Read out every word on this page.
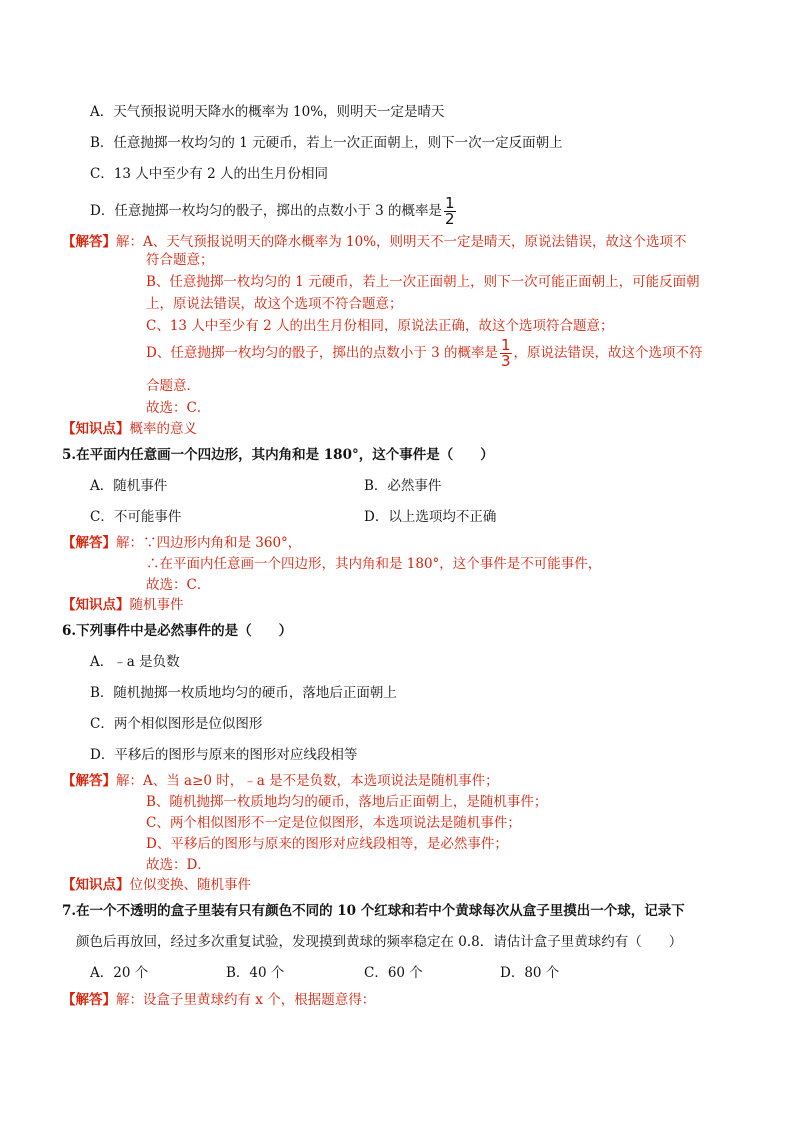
A．天气预报说明天降水的概率为 10%，则明天一定是晴天
B．任意抛掷一枚均匀的 1 元硬币，若上一次正面朝上，则下一次一定反面朝上
C．13 人中至少有 2 人的出生月份相同
D．任意抛掷一枚均匀的骰子，掷出的点数小于 3 的概率是 $\frac{1}{2}$
【解答】解：A、天气预报说明天的降水概率为 10%，则明天不一定是晴天，原说法错误，故这个选项不
符合题意；
B、任意抛掷一枚均匀的 1 元硬币，若上一次正面朝上，则下一次可能正面朝上，可能反面朝
上，原说法错误，故这个选项不符合题意；
C、13 人中至少有 2 人的出生月份相同，原说法正确，故这个选项符合题意；
D、任意抛掷一枚均匀的骰子，掷出的点数小于 3 的概率是 $\frac{1}{3}$ ，原说法错误，故这个选项不符
合题意．
故选：C．
【知识点】概率的意义
5.在平面内任意画一个四边形，其内角和是 180°，这个事件是（　　）
A．随机事件	B．必然事件
C．不可能事件	D．以上选项均不正确
【解答】解：∵四边形内角和是 360°，
∴在平面内任意画一个四边形，其内角和是 180°，这个事件是不可能事件，
故选：C．
【知识点】随机事件
6.下列事件中是必然事件的是（　　）
A．﹣a 是负数
B．随机抛掷一枚质地均匀的硬币，落地后正面朝上
C．两个相似图形是位似图形
D．平移后的图形与原来的图形对应线段相等
【解答】解：A、当 a≥0 时，﹣a 是不是负数，本选项说法是随机事件；
B、随机抛掷一枚质地均匀的硬币，落地后正面朝上，是随机事件；
C、两个相似图形不一定是位似图形，本选项说法是随机事件；
D、平移后的图形与原来的图形对应线段相等，是必然事件；
故选：D．
【知识点】位似变换、随机事件
7.在一个不透明的盒子里装有只有颜色不同的 10 个红球和若中个黄球每次从盒子里摸出一个球，记录下
颜色后再放回，经过多次重复试验，发现摸到黄球的频率稳定在 0.8．请估计盒子里黄球约有（　　）
A．20 个	B．40 个	C．60 个	D．80 个
【解答】解：设盒子里黄球约有 x 个，根据题意得：
